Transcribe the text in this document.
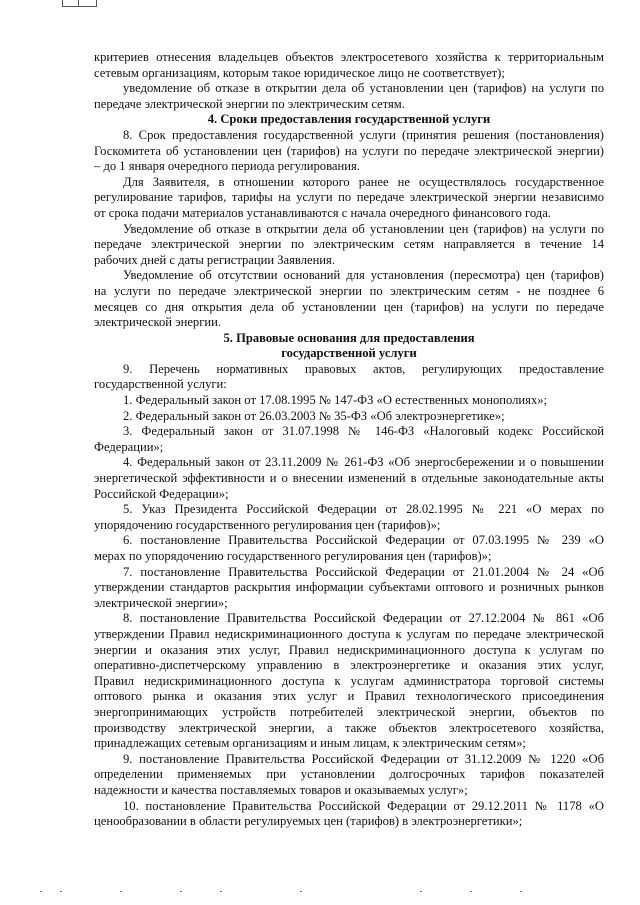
критериев отнесения владельцев объектов электросетевого хозяйства к территориальным
сетевым организациям, которым такое юридическое лицо не соответствует);
уведомление об отказе в открытии дела об установлении цен (тарифов) на услуги по
передаче электрической энергии по электрическим сетям.
4. Сроки предоставления государственной услуги
8. Срок предоставления государственной услуги (принятия решения (постановления)
Госкомитета об установлении цен (тарифов) на услуги по передаче электрической энергии)
– до 1 января очередного периода регулирования.
Для Заявителя, в отношении которого ранее не осуществлялось государственное
регулирование тарифов, тарифы на услуги по передаче электрической энергии независимо
от срока подачи материалов устанавливаются с начала очередного финансового года.
Уведомление об отказе в открытии дела об установлении цен (тарифов) на услуги по
передаче электрической энергии по электрическим сетям направляется в течение 14
рабочих дней с даты регистрации Заявления.
Уведомление об отсутствии оснований для установления (пересмотра) цен (тарифов)
на услуги по передаче электрической энергии по электрическим сетям - не позднее 6
месяцев со дня открытия дела об установлении цен (тарифов) на услуги по передаче
электрической энергии.
5. Правовые основания для предоставления
государственной услуги
9. Перечень нормативных правовых актов, регулирующих предоставление
государственной услуги:
1. Федеральный закон от 17.08.1995 № 147-ФЗ «О естественных монополиях»;
2. Федеральный закон от 26.03.2003 № 35-ФЗ «Об электроэнергетике»;
3. Федеральный закон от 31.07.1998 № 146-ФЗ «Налоговый кодекс Российской
Федерации»;
4. Федеральный закон от 23.11.2009 № 261-ФЗ «Об энергосбережении и о повышении
энергетической эффективности и о внесении изменений в отдельные законодательные акты
Российской Федерации»;
5. Указ Президента Российской Федерации от 28.02.1995 № 221 «О мерах по
упорядочению государственного регулирования цен (тарифов)»;
6. постановление Правительства Российской Федерации от 07.03.1995 № 239 «О
мерах по упорядочению государственного регулирования цен (тарифов)»;
7. постановление Правительства Российской Федерации от 21.01.2004 № 24 «Об
утверждении стандартов раскрытия информации субъектами оптового и розничных рынков
электрической энергии»;
8. постановление Правительства Российской Федерации от 27.12.2004 № 861 «Об
утверждении Правил недискриминационного доступа к услугам по передаче электрической
энергии и оказания этих услуг, Правил недискриминационного доступа к услугам по
оперативно-диспетчерскому управлению в электроэнергетике и оказания этих услуг,
Правил недискриминационного доступа к услугам администратора торговой системы
оптового рынка и оказания этих услуг и Правил технологического присоединения
энергопринимающих устройств потребителей электрической энергии, объектов по
производству электрической энергии, а также объектов электросетевого хозяйства,
принадлежащих сетевым организациям и иным лицам, к электрическим сетям»;
9. постановление Правительства Российской Федерации от 31.12.2009 № 1220 «Об
определении применяемых при установлении долгосрочных тарифов показателей
надежности и качества поставляемых товаров и оказываемых услуг»;
10. постановление Правительства Российской Федерации от 29.12.2011 № 1178 «О
ценообразовании в области регулируемых цен (тарифов) в электроэнергетики»;
